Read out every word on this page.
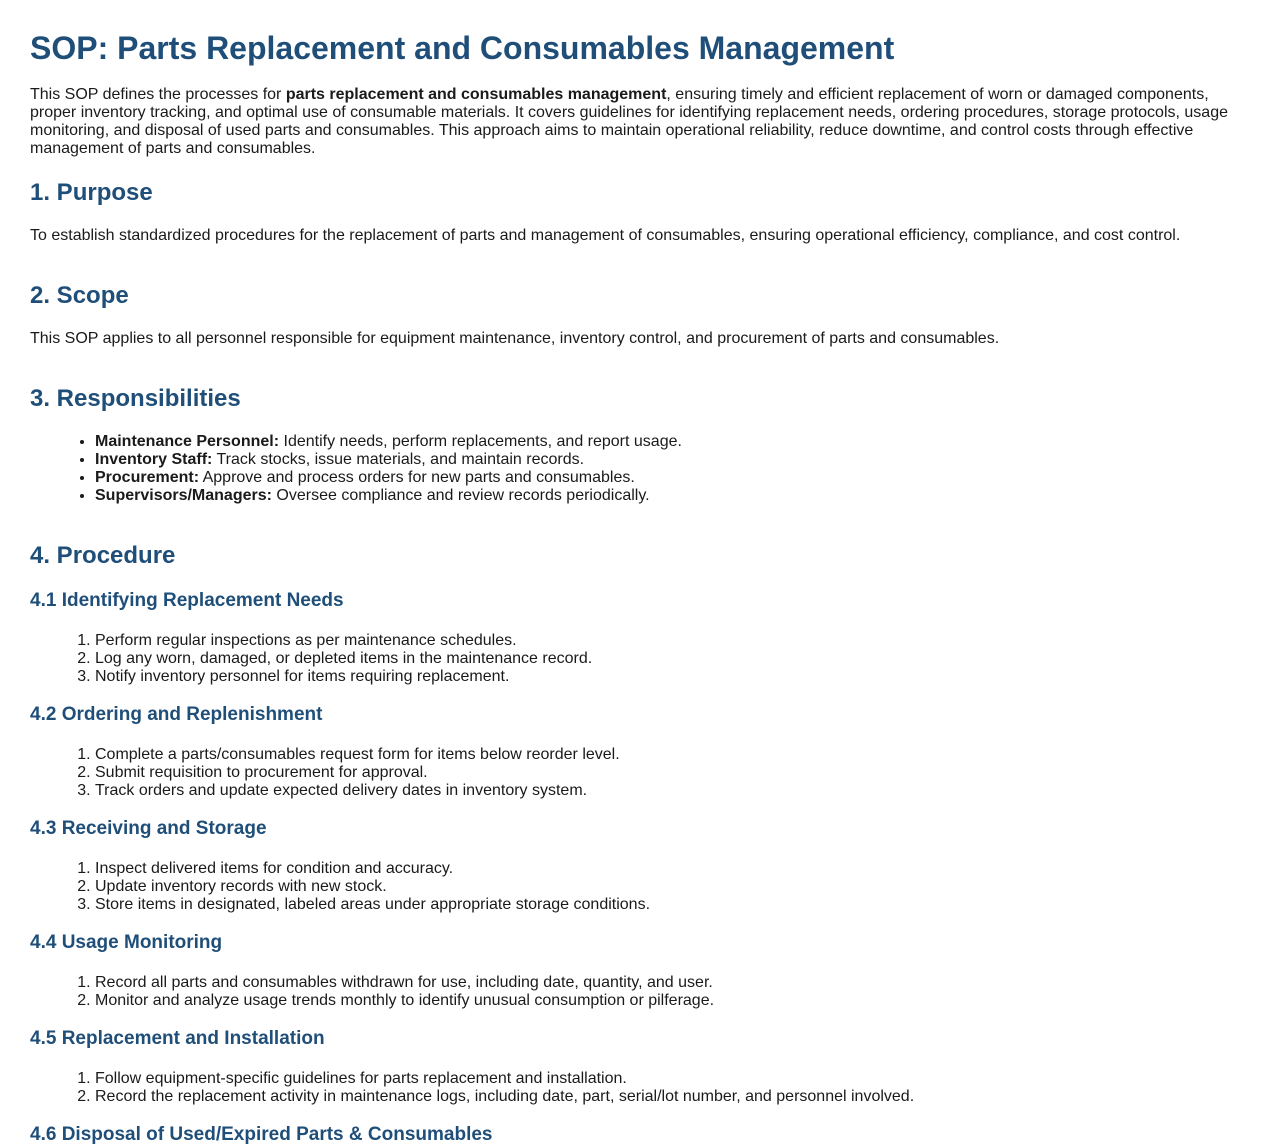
SOP: Parts Replacement and Consumables Management

This SOP defines the processes for parts replacement and consumables management, ensuring timely and efficient replacement of worn or damaged components, proper inventory tracking, and optimal use of consumable materials. It covers guidelines for identifying replacement needs, ordering procedures, storage protocols, usage monitoring, and disposal of used parts and consumables. This approach aims to maintain operational reliability, reduce downtime, and control costs through effective management of parts and consumables.

1. Purpose

To establish standardized procedures for the replacement of parts and management of consumables, ensuring operational efficiency, compliance, and cost control.

2. Scope

This SOP applies to all personnel responsible for equipment maintenance, inventory control, and procurement of parts and consumables.

3. Responsibilities
• Maintenance Personnel: Identify needs, perform replacements, and report usage.
• Inventory Staff: Track stocks, issue materials, and maintain records.
• Procurement: Approve and process orders for new parts and consumables.
• Supervisors/Managers: Oversee compliance and review records periodically.
4. Procedure
4.1 Identifying Replacement Needs
1. Perform regular inspections as per maintenance schedules.
2. Log any worn, damaged, or depleted items in the maintenance record.
3. Notify inventory personnel for items requiring replacement.
4.2 Ordering and Replenishment
1. Complete a parts/consumables request form for items below reorder level.
2. Submit requisition to procurement for approval.
3. Track orders and update expected delivery dates in inventory system.
4.3 Receiving and Storage
1. Inspect delivered items for condition and accuracy.
2. Update inventory records with new stock.
3. Store items in designated, labeled areas under appropriate storage conditions.
4.4 Usage Monitoring
1. Record all parts and consumables withdrawn for use, including date, quantity, and user.
2. Monitor and analyze usage trends monthly to identify unusual consumption or pilferage.
4.5 Replacement and Installation
1. Follow equipment-specific guidelines for parts replacement and installation.
2. Record the replacement activity in maintenance logs, including date, part, serial/lot number, and personnel involved.
4.6 Disposal of Used/Expired Parts & Consumables
